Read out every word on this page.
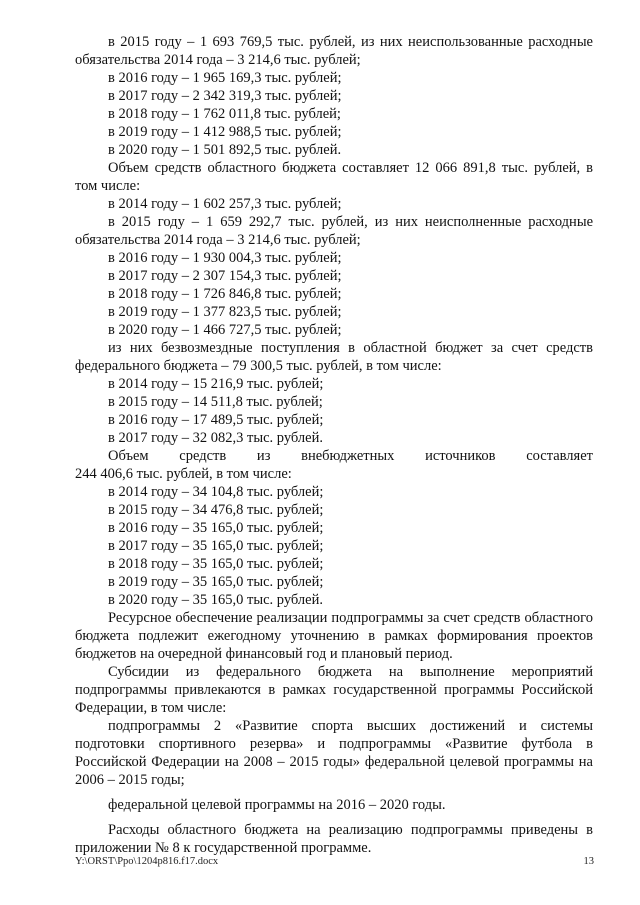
в 2015 году – 1 693 769,5 тыс. рублей, из них неиспользованные расходные обязательства 2014 года – 3 214,6 тыс. рублей;

в 2016 году – 1 965 169,3 тыс. рублей;

в 2017 году – 2 342 319,3 тыс. рублей;

в 2018 году – 1 762 011,8 тыс. рублей;

в 2019 году – 1 412 988,5 тыс. рублей;

в 2020 году – 1 501 892,5 тыс. рублей.

Объем средств областного бюджета составляет 12 066 891,8 тыс. рублей, в том числе:

в 2014 году – 1 602 257,3 тыс. рублей;

в 2015 году – 1 659 292,7 тыс. рублей, из них неисполненные расходные обязательства 2014 года – 3 214,6 тыс. рублей;

в 2016 году – 1 930 004,3 тыс. рублей;

в 2017 году – 2 307 154,3 тыс. рублей;

в 2018 году – 1 726 846,8 тыс. рублей;

в 2019 году – 1 377 823,5 тыс. рублей;

в 2020 году – 1 466 727,5 тыс. рублей;

из них безвозмездные поступления в областной бюджет за счет средств федерального бюджета – 79 300,5 тыс. рублей, в том числе:

в 2014 году – 15 216,9 тыс. рублей;

в 2015 году – 14 511,8 тыс. рублей;

в 2016 году – 17 489,5 тыс. рублей;

в 2017 году – 32 082,3 тыс. рублей.

Объем средств из внебюджетных источников составляет

244 406,6 тыс. рублей, в том числе:

в 2014 году – 34 104,8 тыс. рублей;

в 2015 году – 34 476,8 тыс. рублей;

в 2016 году – 35 165,0 тыс. рублей;

в 2017 году – 35 165,0 тыс. рублей;

в 2018 году – 35 165,0 тыс. рублей;

в 2019 году – 35 165,0 тыс. рублей;

в 2020 году – 35 165,0 тыс. рублей.

Ресурсное обеспечение реализации подпрограммы за счет средств областного бюджета подлежит ежегодному уточнению в рамках формирования проектов бюджетов на очередной финансовый год и плановый период.

Субсидии из федерального бюджета на выполнение мероприятий подпрограммы привлекаются в рамках государственной программы Российской Федерации, в том числе:

подпрограммы 2 «Развитие спорта высших достижений и системы подготовки спортивного резерва» и подпрограммы «Развитие футбола в Российской Федерации на 2008 – 2015 годы» федеральной целевой программы на 2006 – 2015 годы;

федеральной целевой программы на 2016 – 2020 годы.

Расходы областного бюджета на реализацию подпрограммы приведены в приложении № 8 к государственной программе.

Y:\ORST\Ppo\1204p816.f17.docx	13
